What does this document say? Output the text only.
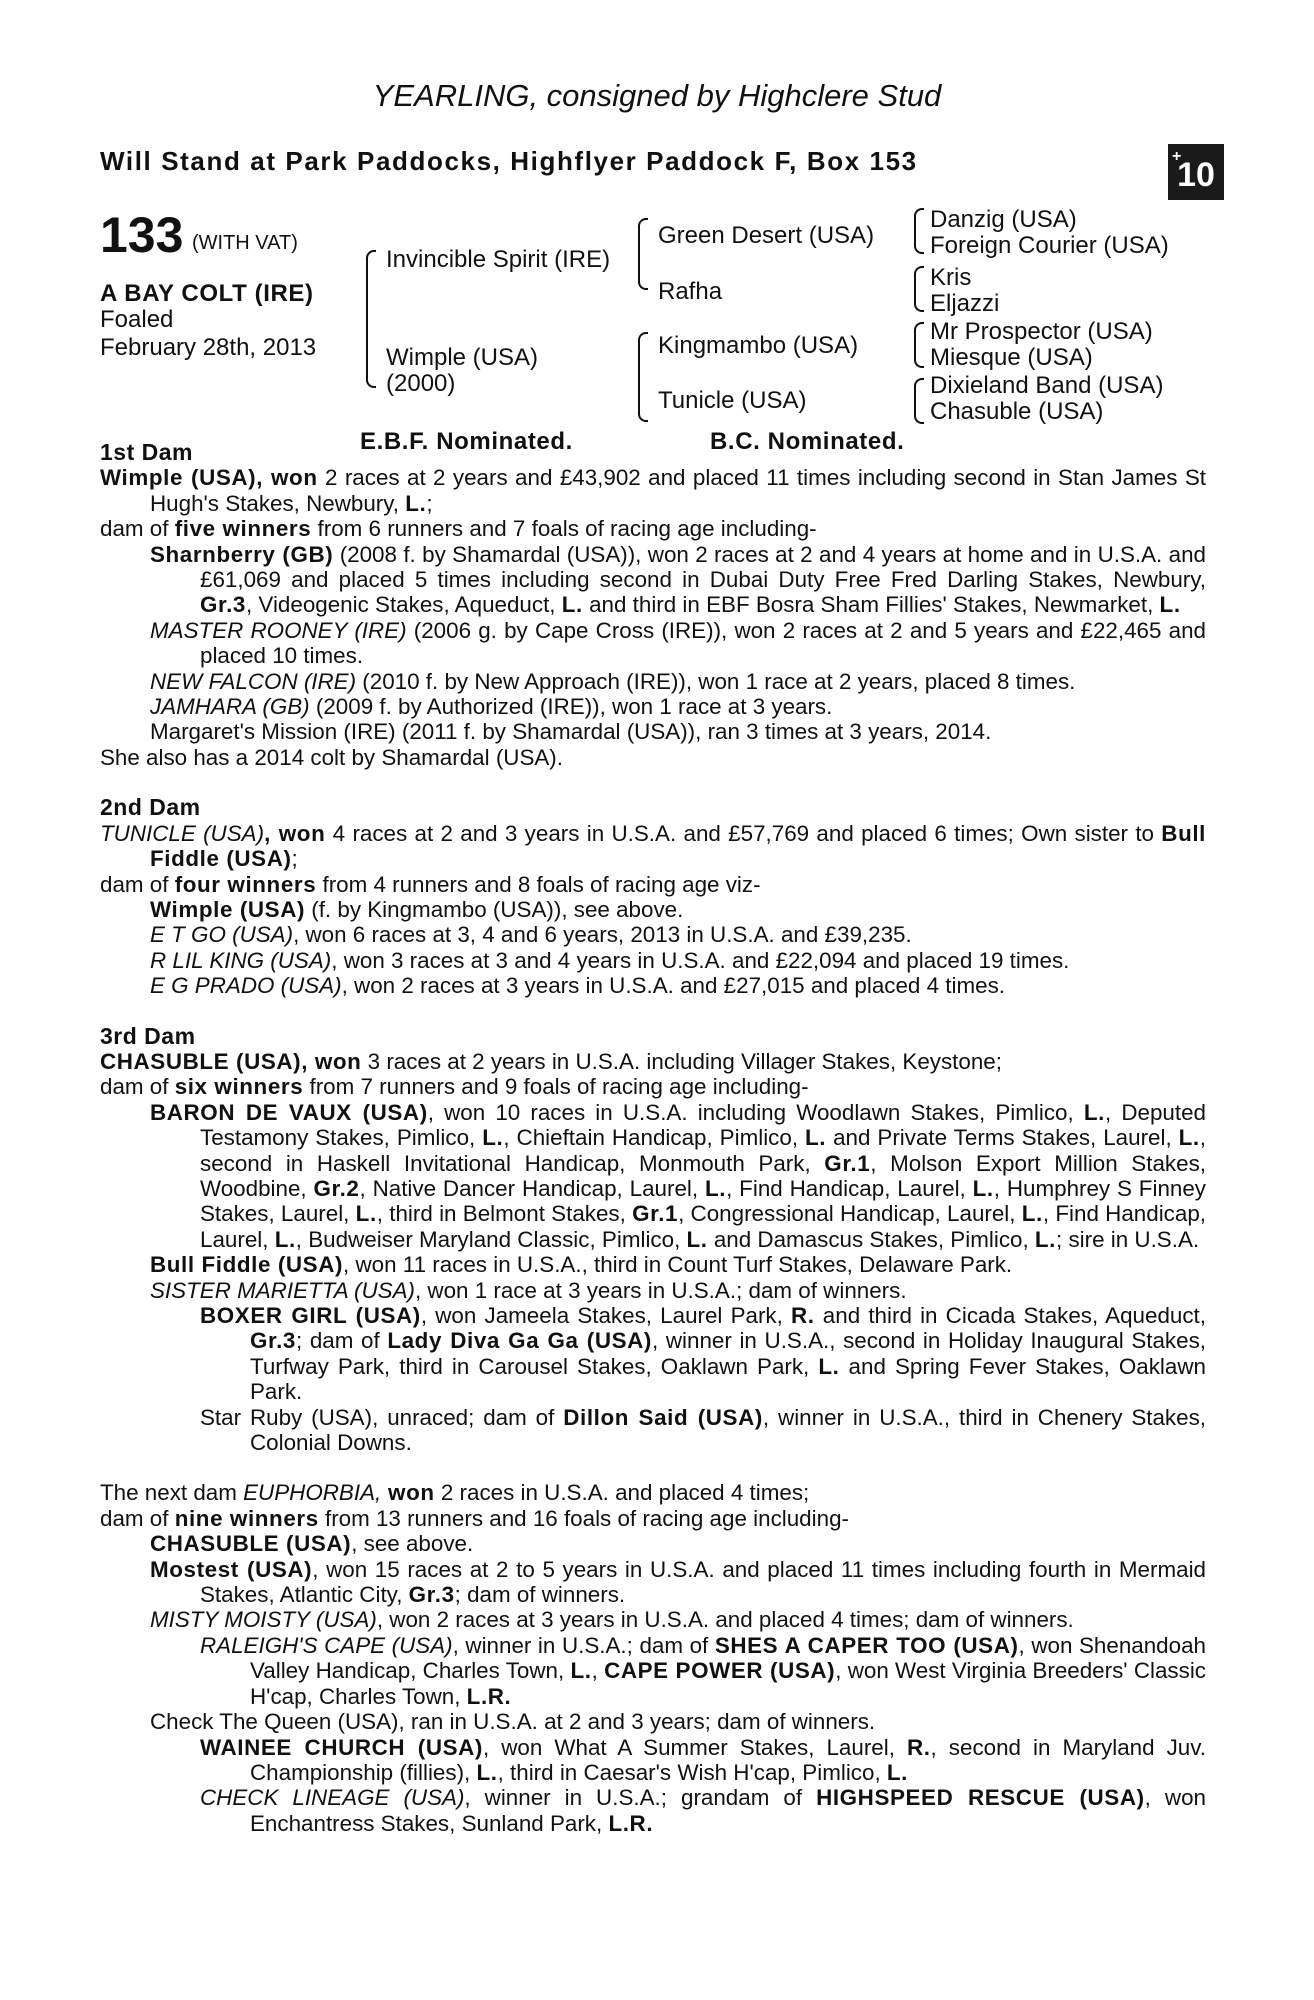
YEARLING, consigned by Highclere Stud
Will Stand at Park Paddocks, Highflyer Paddock F, Box 153	+
10
133 (WITH VAT)
A BAY COLT (IRE)
Foaled
February 28th, 2013
Invincible Spirit (IRE)
Wimple (USA)
(2000)
Green Desert (USA)
Rafha
Kingmambo (USA)
Tunicle (USA)
Danzig (USA)
Foreign Courier (USA)
Kris
Eljazzi
Mr Prospector (USA)
Miesque (USA)
Dixieland Band (USA)
Chasuble (USA)
E.B.F. Nominated.	B.C. Nominated.

1st Dam

Wimple (USA), won 2 races at 2 years and £43,902 and placed 11 times including second in Stan James St Hugh's Stakes, Newbury, L.;

dam of five winners from 6 runners and 7 foals of racing age including-

Sharnberry (GB) (2008 f. by Shamardal (USA)), won 2 races at 2 and 4 years at home and in U.S.A. and £61,069 and placed 5 times including second in Dubai Duty Free Fred Darling Stakes, Newbury, Gr.3, Videogenic Stakes, Aqueduct, L. and third in EBF Bosra Sham Fillies' Stakes, Newmarket, L.

MASTER ROONEY (IRE) (2006 g. by Cape Cross (IRE)), won 2 races at 2 and 5 years and £22,465 and placed 10 times.

NEW FALCON (IRE) (2010 f. by New Approach (IRE)), won 1 race at 2 years, placed 8 times.

JAMHARA (GB) (2009 f. by Authorized (IRE)), won 1 race at 3 years.

Margaret's Mission (IRE) (2011 f. by Shamardal (USA)), ran 3 times at 3 years, 2014.

She also has a 2014 colt by Shamardal (USA).

2nd Dam

TUNICLE (USA), won 4 races at 2 and 3 years in U.S.A. and £57,769 and placed 6 times; Own sister to Bull Fiddle (USA);

dam of four winners from 4 runners and 8 foals of racing age viz-

Wimple (USA) (f. by Kingmambo (USA)), see above.

E T GO (USA), won 6 races at 3, 4 and 6 years, 2013 in U.S.A. and £39,235.

R LIL KING (USA), won 3 races at 3 and 4 years in U.S.A. and £22,094 and placed 19 times.

E G PRADO (USA), won 2 races at 3 years in U.S.A. and £27,015 and placed 4 times.

3rd Dam

CHASUBLE (USA), won 3 races at 2 years in U.S.A. including Villager Stakes, Keystone;

dam of six winners from 7 runners and 9 foals of racing age including-

BARON DE VAUX (USA), won 10 races in U.S.A. including Woodlawn Stakes, Pimlico, L., Deputed Testamony Stakes, Pimlico, L., Chieftain Handicap, Pimlico, L. and Private Terms Stakes, Laurel, L., second in Haskell Invitational Handicap, Monmouth Park, Gr.1, Molson Export Million Stakes, Woodbine, Gr.2, Native Dancer Handicap, Laurel, L., Find Handicap, Laurel, L., Humphrey S Finney Stakes, Laurel, L., third in Belmont Stakes, Gr.1, Congressional Handicap, Laurel, L., Find Handicap, Laurel, L., Budweiser Maryland Classic, Pimlico, L. and Damascus Stakes, Pimlico, L.; sire in U.S.A.

Bull Fiddle (USA), won 11 races in U.S.A., third in Count Turf Stakes, Delaware Park.

SISTER MARIETTA (USA), won 1 race at 3 years in U.S.A.; dam of winners.

BOXER GIRL (USA), won Jameela Stakes, Laurel Park, R. and third in Cicada Stakes, Aqueduct, Gr.3; dam of Lady Diva Ga Ga (USA), winner in U.S.A., second in Holiday Inaugural Stakes, Turfway Park, third in Carousel Stakes, Oaklawn Park, L. and Spring Fever Stakes, Oaklawn Park.

Star Ruby (USA), unraced; dam of Dillon Said (USA), winner in U.S.A., third in Chenery Stakes, Colonial Downs.

The next dam EUPHORBIA, won 2 races in U.S.A. and placed 4 times;

dam of nine winners from 13 runners and 16 foals of racing age including-

CHASUBLE (USA), see above.

Mostest (USA), won 15 races at 2 to 5 years in U.S.A. and placed 11 times including fourth in Mermaid Stakes, Atlantic City, Gr.3; dam of winners.

MISTY MOISTY (USA), won 2 races at 3 years in U.S.A. and placed 4 times; dam of winners.

RALEIGH'S CAPE (USA), winner in U.S.A.; dam of SHES A CAPER TOO (USA), won Shenandoah Valley Handicap, Charles Town, L., CAPE POWER (USA), won West Virginia Breeders' Classic H'cap, Charles Town, L.R.

Check The Queen (USA), ran in U.S.A. at 2 and 3 years; dam of winners.

WAINEE CHURCH (USA), won What A Summer Stakes, Laurel, R., second in Maryland Juv. Championship (fillies), L., third in Caesar's Wish H'cap, Pimlico, L.

CHECK LINEAGE (USA), winner in U.S.A.; grandam of HIGHSPEED RESCUE (USA), won Enchantress Stakes, Sunland Park, L.R.
